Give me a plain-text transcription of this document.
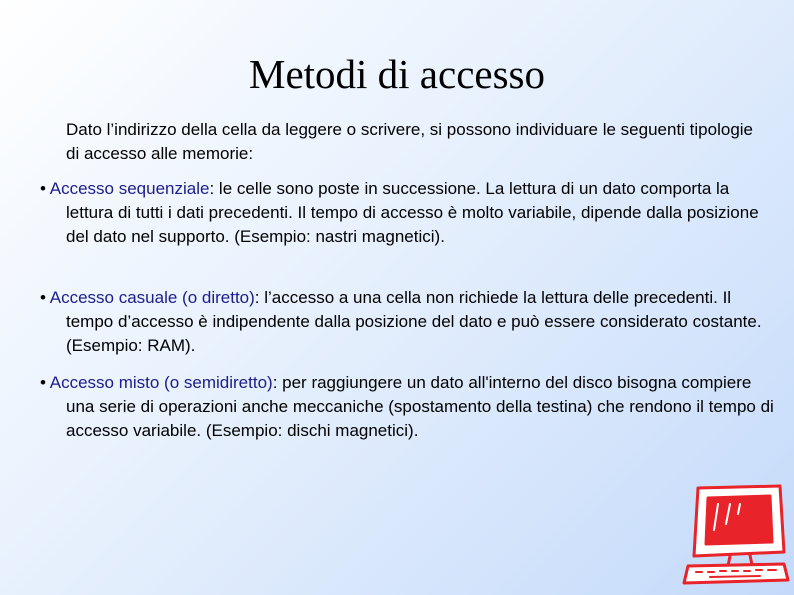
Metodi di accesso
Dato l’indirizzo della cella da leggere o scrivere, si possono individuare le seguenti tipologie di accesso alle memorie:
• Accesso sequenziale: le celle sono poste in successione. La lettura di un dato comporta la lettura di tutti i dati precedenti. Il tempo di accesso è molto variabile, dipende dalla posizione del dato nel supporto. (Esempio: nastri magnetici).
• Accesso casuale (o diretto): l’accesso a una cella non richiede la lettura delle precedenti. Il tempo d’accesso è indipendente dalla posizione del dato e può essere considerato costante. (Esempio: RAM).
• Accesso misto (o semidiretto): per raggiungere un dato all'interno del disco bisogna compiere una serie di operazioni anche meccaniche (spostamento della testina) che rendono il tempo di accesso variabile. (Esempio: dischi magnetici).
